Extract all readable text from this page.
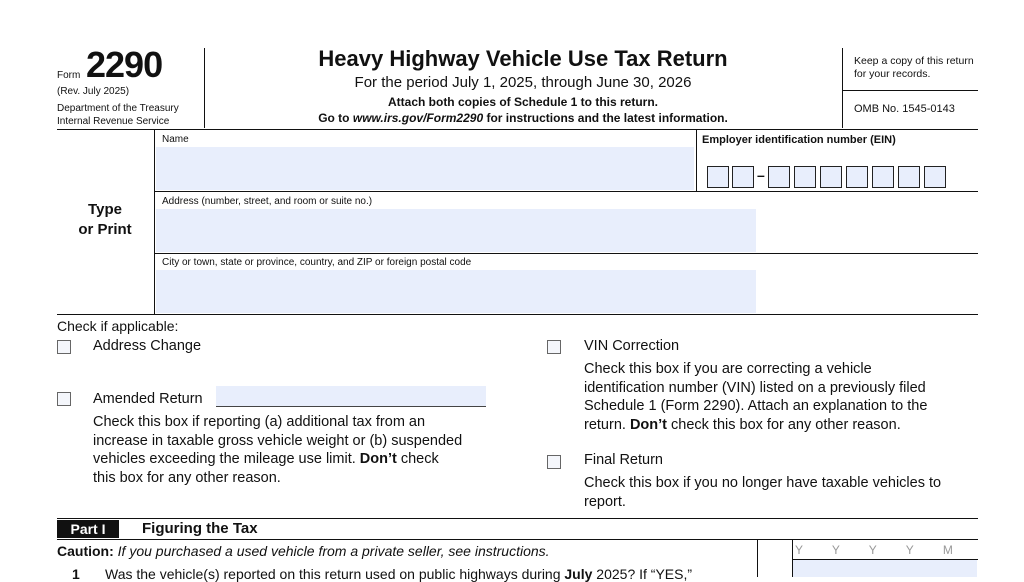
Form 2290
(Rev. July 2025)
Department of the Treasury
Internal Revenue Service
Heavy Highway Vehicle Use Tax Return
For the period July 1, 2025, through June 30, 2026
Attach both copies of Schedule 1 to this return.
Go to www.irs.gov/Form2290 for instructions and the latest information.
Keep a copy of this return for your records.
OMB No. 1545-0143
Type
or Print
Name	Employer identification number (EIN)
–
Address (number, street, and room or suite no.)
City or town, state or province, country, and ZIP or foreign postal code
Check if applicable:
Address Change
Amended Return
Check this box if reporting (a) additional tax from an
increase in taxable gross vehicle weight or (b) suspended
vehicles exceeding the mileage use limit. Don’t check
this box for any other reason.
VIN Correction
Check this box if you are correcting a vehicle
identification number (VIN) listed on a previously filed
Schedule 1 (Form 2290). Attach an explanation to the
return. Don’t check this box for any other reason.
Final Return
Check this box if you no longer have taxable vehicles to
report.
Part I	Figuring the Tax
Caution: If you purchased a used vehicle from a private seller, see instructions.	Y Y Y Y M
1 Was the vehicle(s) reported on this return used on public highways during July 2025? If “YES,”
